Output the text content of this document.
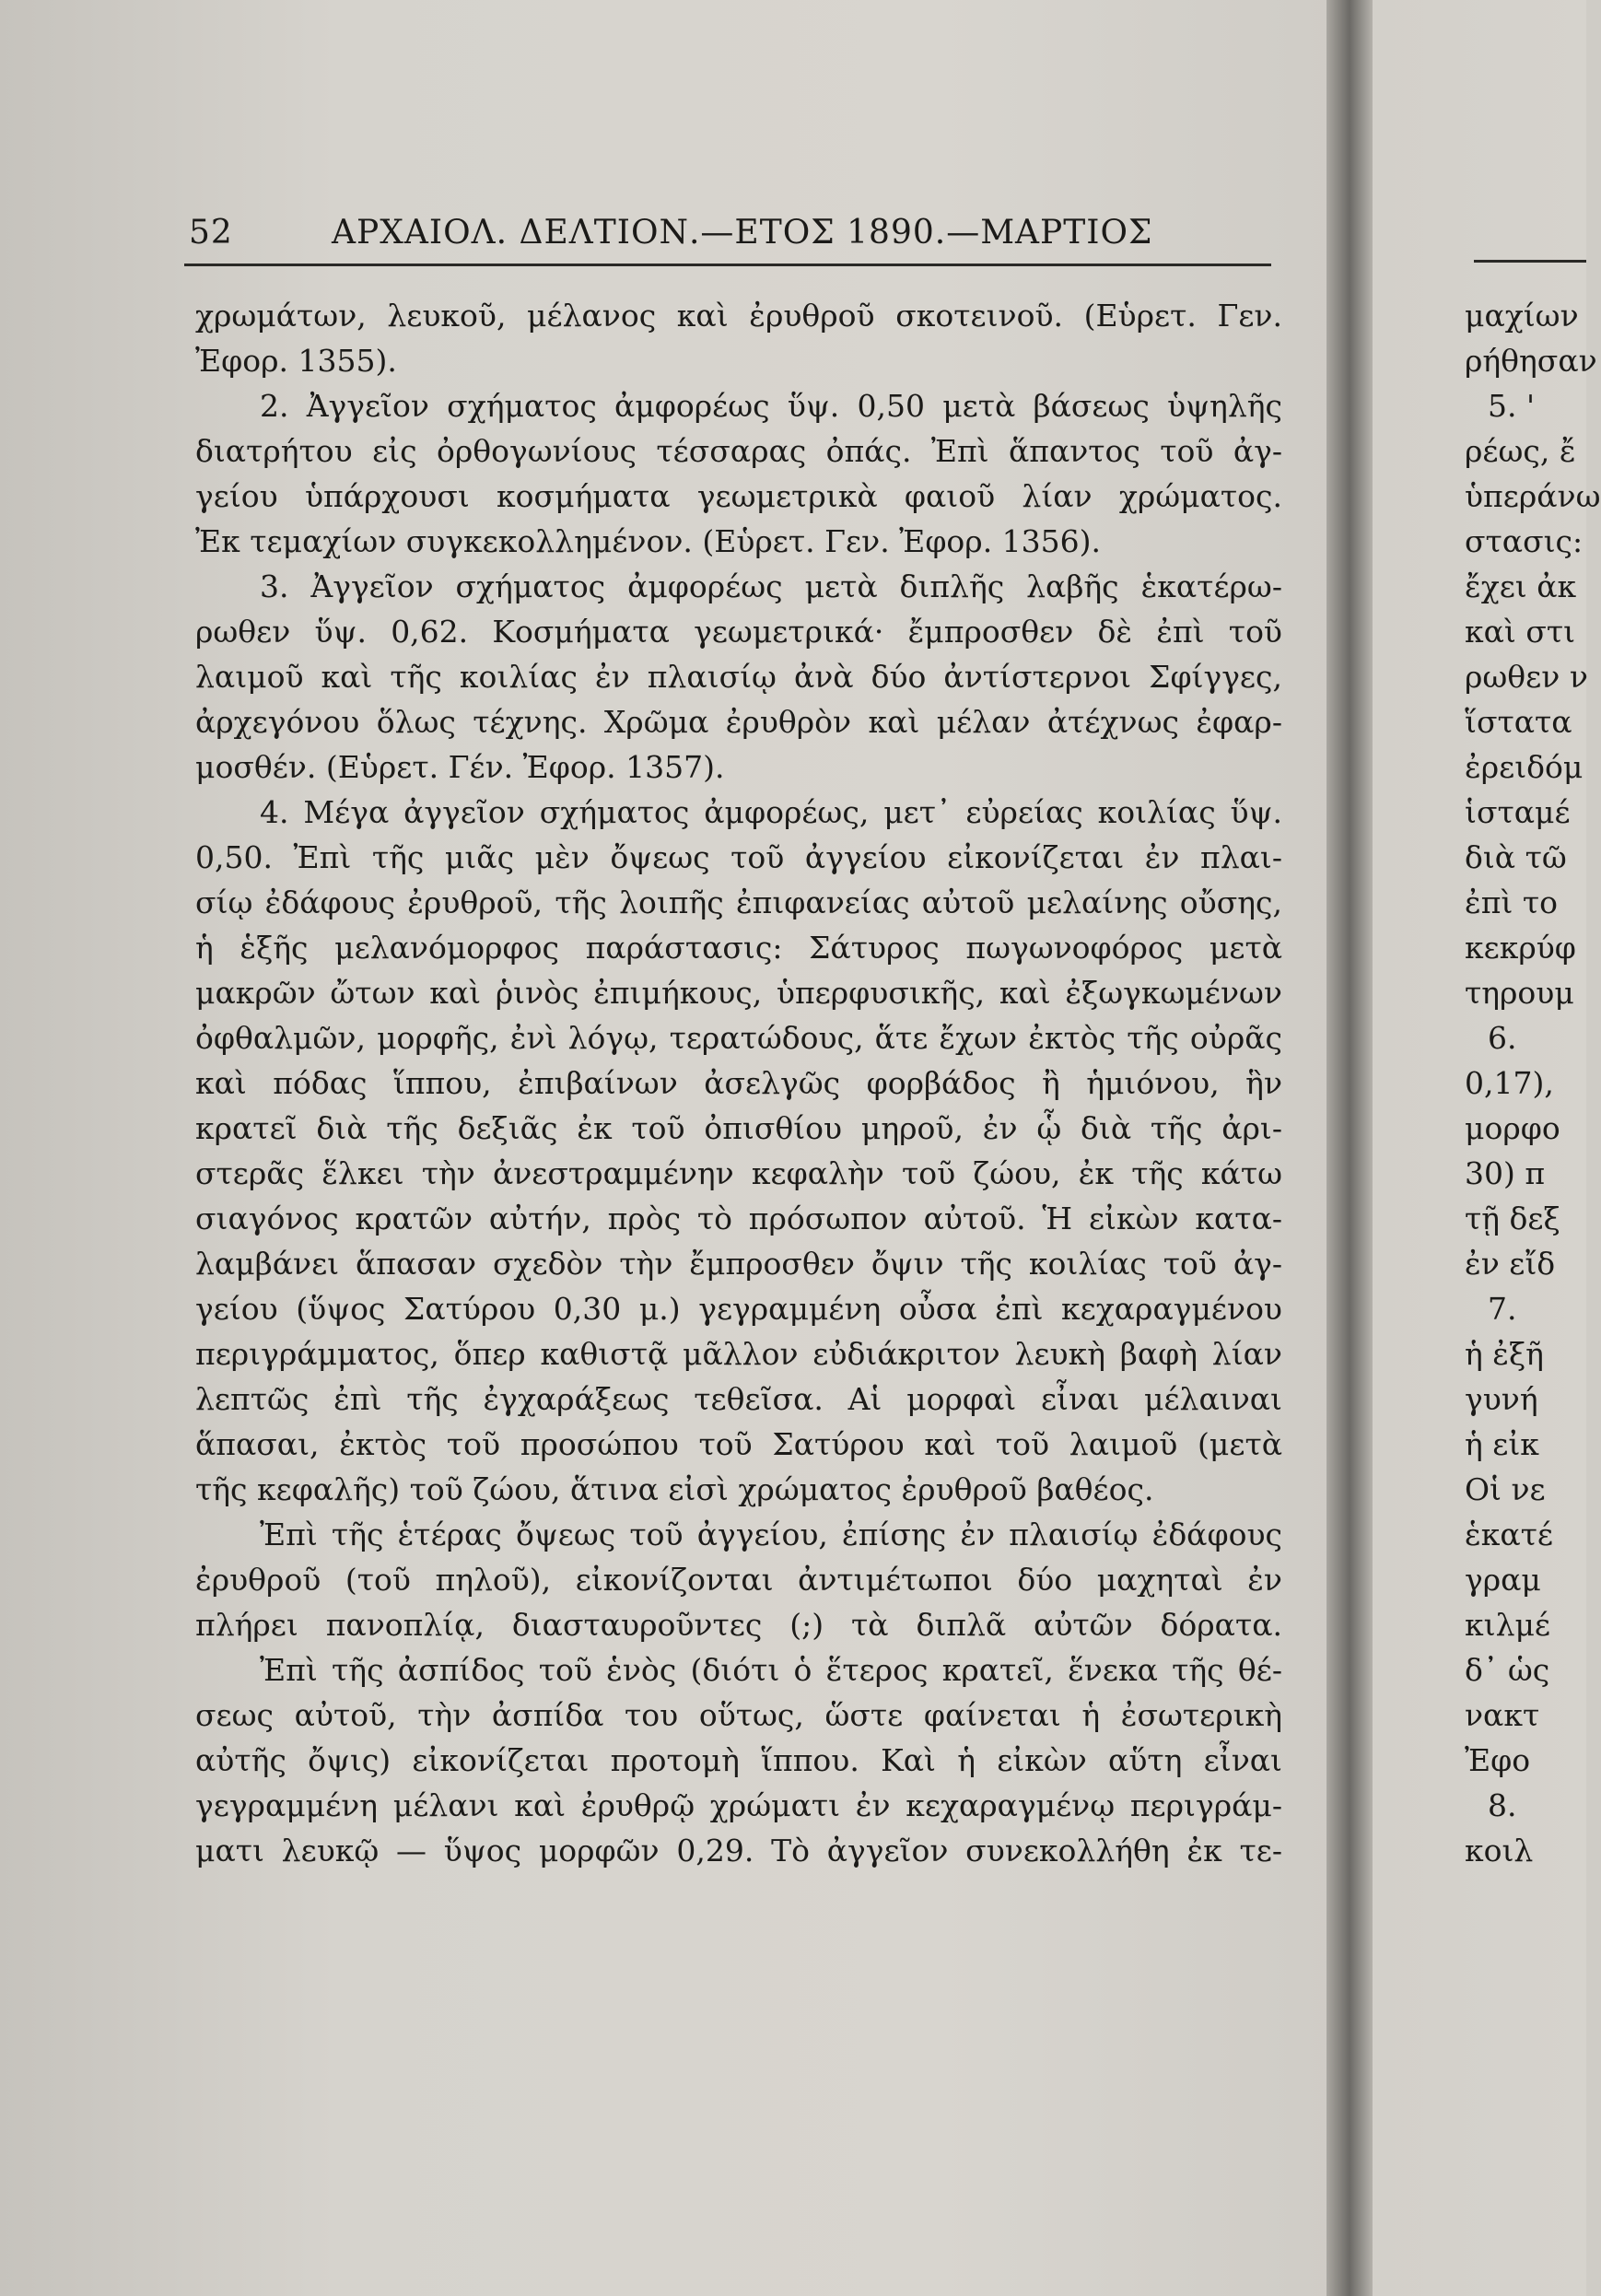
52	ΑΡΧΑΙΟΛ. ΔΕΛΤΙΟΝ.—ΕΤΟΣ 1890.—ΜΑΡΤΙΟΣ
χρωμάτων, λευκοῦ, μέλανος καὶ ἐρυθροῦ σκοτεινοῦ. (Εὑρετ. Γεν.
Ἐφορ. 1355).
2. Ἀγγεῖον σχήματος ἀμφορέως ὕψ. 0,50 μετὰ βάσεως ὑψηλῆς
διατρήτου εἰς ὀρθογωνίους τέσσαρας ὀπάς. Ἐπὶ ἅπαντος τοῦ ἀγ-
γείου ὑπάρχουσι κοσμήματα γεωμετρικὰ φαιοῦ λίαν χρώματος.
Ἐκ τεμαχίων συγκεκολλημένον. (Εὑρετ. Γεν. Ἐφορ. 1356).
3. Ἀγγεῖον σχήματος ἀμφορέως μετὰ διπλῆς λαβῆς ἑκατέρω-
ρωθεν ὕψ. 0,62. Κοσμήματα γεωμετρικά· ἔμπροσθεν δὲ ἐπὶ τοῦ
λαιμοῦ καὶ τῆς κοιλίας ἐν πλαισίῳ ἀνὰ δύο ἀντίστερνοι Σφίγγες,
ἀρχεγόνου ὅλως τέχνης. Χρῶμα ἐρυθρὸν καὶ μέλαν ἀτέχνως ἐφαρ-
μοσθέν. (Εὑρετ. Γέν. Ἐφορ. 1357).
4. Μέγα ἀγγεῖον σχήματος ἀμφορέως, μετ᾽ εὐρείας κοιλίας ὕψ.
0,50. Ἐπὶ τῆς μιᾶς μὲν ὄψεως τοῦ ἀγγείου εἰκονίζεται ἐν πλαι-
σίῳ ἐδάφους ἐρυθροῦ, τῆς λοιπῆς ἐπιφανείας αὐτοῦ μελαίνης οὔσης,
ἡ ἑξῆς μελανόμορφος παράστασις: Σάτυρος πωγωνοφόρος μετὰ
μακρῶν ὤτων καὶ ῥινὸς ἐπιμήκους, ὑπερφυσικῆς, καὶ ἐξωγκωμένων
ὀφθαλμῶν, μορφῆς, ἐνὶ λόγῳ, τερατώδους, ἅτε ἔχων ἐκτὸς τῆς οὐρᾶς
καὶ πόδας ἵππου, ἐπιβαίνων ἀσελγῶς φορβάδος ἢ ἡμιόνου, ἣν
κρατεῖ διὰ τῆς δεξιᾶς ἐκ τοῦ ὀπισθίου μηροῦ, ἐν ᾧ διὰ τῆς ἀρι-
στερᾶς ἕλκει τὴν ἀνεστραμμένην κεφαλὴν τοῦ ζώου, ἐκ τῆς κάτω
σιαγόνος κρατῶν αὐτήν, πρὸς τὸ πρόσωπον αὐτοῦ. Ἡ εἰκὼν κατα-
λαμβάνει ἅπασαν σχεδὸν τὴν ἔμπροσθεν ὄψιν τῆς κοιλίας τοῦ ἀγ-
γείου (ὕψος Σατύρου 0,30 μ.) γεγραμμένη οὖσα ἐπὶ κεχαραγμένου
περιγράμματος, ὅπερ καθιστᾷ μᾶλλον εὐδιάκριτον λευκὴ βαφὴ λίαν
λεπτῶς ἐπὶ τῆς ἐγχαράξεως τεθεῖσα. Αἱ μορφαὶ εἶναι μέλαιναι
ἅπασαι, ἐκτὸς τοῦ προσώπου τοῦ Σατύρου καὶ τοῦ λαιμοῦ (μετὰ
τῆς κεφαλῆς) τοῦ ζώου, ἅτινα εἰσὶ χρώματος ἐρυθροῦ βαθέος.
Ἐπὶ τῆς ἑτέρας ὄψεως τοῦ ἀγγείου, ἐπίσης ἐν πλαισίῳ ἐδάφους
ἐρυθροῦ (τοῦ πηλοῦ), εἰκονίζονται ἀντιμέτωποι δύο μαχηταὶ ἐν
πλήρει πανοπλίᾳ, διασταυροῦντες (;) τὰ διπλᾶ αὐτῶν δόρατα.
Ἐπὶ τῆς ἀσπίδος τοῦ ἑνὸς (διότι ὁ ἕτερος κρατεῖ, ἕνεκα τῆς θέ-
σεως αὐτοῦ, τὴν ἀσπίδα του οὕτως, ὥστε φαίνεται ἡ ἐσωτερικὴ
αὐτῆς ὄψις) εἰκονίζεται προτομὴ ἵππου. Καὶ ἡ εἰκὼν αὕτη εἶναι
γεγραμμένη μέλανι καὶ ἐρυθρῷ χρώματι ἐν κεχαραγμένῳ περιγράμ-
ματι λευκῷ — ὕψος μορφῶν 0,29. Τὸ ἀγγεῖον συνεκολλήθη ἐκ τε-
μαχίων
ρήθησαν
5. '
ρέως, ἔ
ὑπεράνω
στασις:
ἔχει ἀκ
καὶ στι
ρωθεν ν
ἵστατα
ἐρειδόμ
ἱσταμέ
διὰ τῶ
ἐπὶ το
κεκρύφ
τηρουμ
6.
0,17),
μορφο
30) π
τῇ δεξ
ἐν εἴδ
7.
ἡ ἐξῆ
γυνή
ἡ εἰκ
Οἱ νε
ἑκατέ
γραμ
κιλμέ
δ᾽ ὡς
νακτ
Ἐφο
8.
κοιλ
